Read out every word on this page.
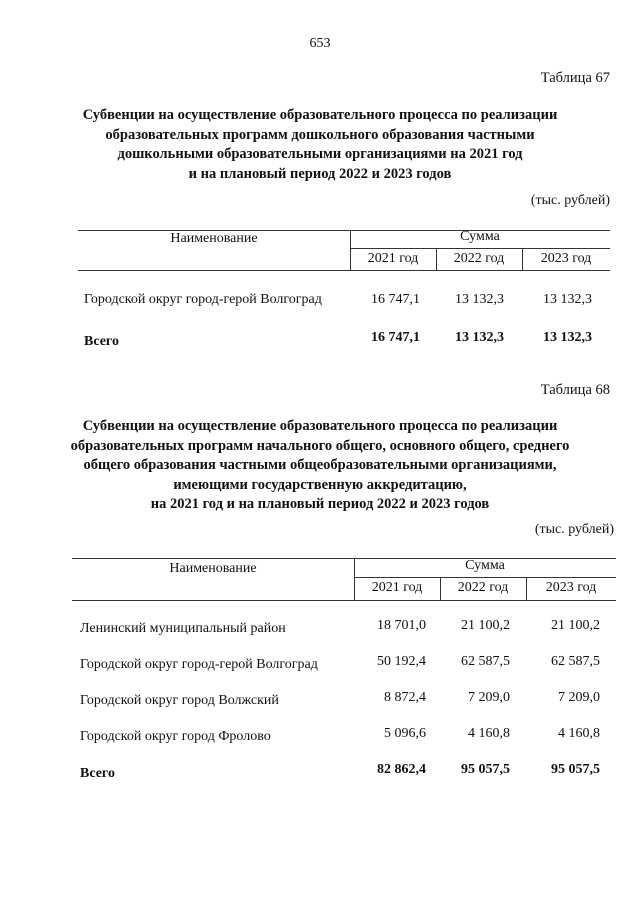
653
Таблица 67
Субвенции на осуществление образовательного процесса по реализации
образовательных программ дошкольного образования частными
дошкольными образовательными организациями на 2021 год
и на плановый период 2022 и 2023 годов
(тыс. рублей)
Наименование	Сумма
2021 год	2022 год	2023 год
Городской округ город-герой Волгоград	16 747,1	13 132,3	13 132,3
Всего	16 747,1	13 132,3	13 132,3
Таблица 68
Субвенции на осуществление образовательного процесса по реализации
образовательных программ начального общего, основного общего, среднего
общего образования частными общеобразовательными организациями,
имеющими государственную аккредитацию,
на 2021 год и на плановый период 2022 и 2023 годов
(тыс. рублей)
Наименование	Сумма
2021 год	2022 год	2023 год
Ленинский муниципальный район	18 701,0	21 100,2	21 100,2
Городской округ город-герой Волгоград	50 192,4	62 587,5	62 587,5
Городской округ город Волжский	8 872,4	7 209,0	7 209,0
Городской округ город Фролово	5 096,6	4 160,8	4 160,8
Всего	82 862,4	95 057,5	95 057,5
